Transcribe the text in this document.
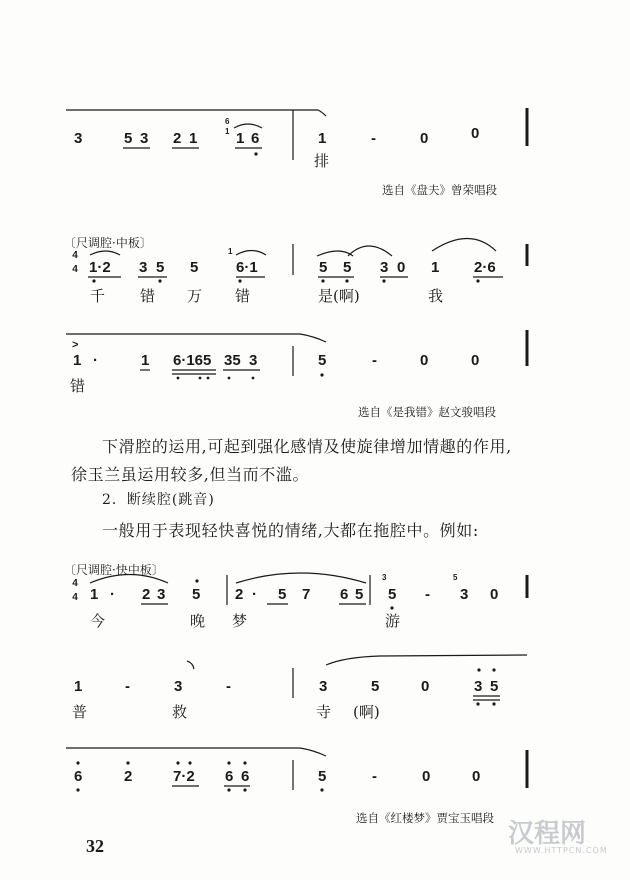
3	5 3 2 1
6
1 1 6	1	-	0	0
排
选自《盘夫》曾荣唱段
〔尺调腔·中板〕
4
4 1·2 3 5 5
1
6·1	5 5 3 0 1 2·6
千 错 万 错	是(啊)	我
>
1 ·	1 6·165 35 3	5	-	0	0
错
选自《是我错》赵文骏唱段
下滑腔的运用,可起到强化感情及使旋律增加情趣的作用,
徐玉兰虽运用较多,但当而不滥。
2．断续腔(跳音)
一般用于表现轻快喜悦的情绪,大都在拖腔中。例如:
〔尺调腔·快中板〕
4
4 1 · 2 3 5 2 · 5 7 6 5
3
5 -
5
3 0
今	晚 梦	游
1	-	3	-	3	5	0	3 5
普	救	寺 (啊)
6	2	7·2 6 6	5	-	0	0
选自《红楼梦》贾宝玉唱段
32	汉程网
WWW.HTTPCN.COM
